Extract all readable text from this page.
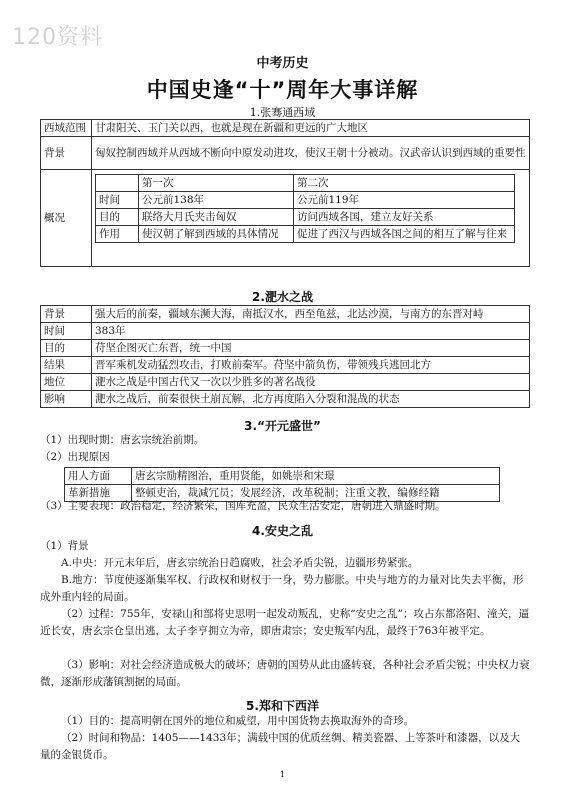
120资料
中考历史
中国史逢“十”周年大事详解
1.张骞通西域
西域范围	甘肃阳关、玉门关以西，也就是现在新疆和更远的广大地区
背景	匈奴控制西域并从西域不断向中原发动进攻，使汉王朝十分被动。汉武帝认识到西域的重要性
概况	
	第一次	第二次
时间	公元前138年	公元前119年
目的	联络大月氏夹击匈奴	访问西域各国，建立友好关系
作用	使汉朝了解到西域的具体情况	促进了西汉与西域各国之间的相互了解与往来
2.淝水之战
背景	强大后的前秦，疆域东濒大海，南抵汉水，西至龟兹，北达沙漠，与南方的东晋对峙
时间	383年
目的	苻坚企图灭亡东晋，统一中国
结果	晋军乘机发动猛烈攻击，打败前秦军。苻坚中箭负伤，带领残兵逃回北方
地位	淝水之战是中国古代又一次以少胜多的著名战役
影响	淝水之战后，前秦很快土崩瓦解，北方再度陷入分裂和混战的状态
3.“开元盛世”
（1）出现时期：唐玄宗统治前期。
（2）出现原因
用人方面	唐玄宗励精图治，重用贤能，如姚崇和宋璟
革新措施	整顿吏治，裁减冗员；发展经济，改革税制；注重文教，编修经籍
（3）主要表现：政治稳定，经济繁荣，国库充盈，民众生活安定，唐朝进入鼎盛时期。
4.安史之乱
（1）背景
A.中央：开元末年后，唐玄宗统治日趋腐败，社会矛盾尖锐，边疆形势紧张。
B.地方：节度使逐渐集军权、行政权和财权于一身，势力膨胀。中央与地方的力量对比失去平衡，形成外重内轻的局面。
（2）过程：755年，安禄山和部将史思明一起发动叛乱，史称“安史之乱”；攻占东都洛阳、潼关，逼近长安，唐玄宗仓皇出逃，太子李亨拥立为帝，即唐肃宗；安史叛军内乱，最终于763年被平定。
（3）影响：对社会经济造成极大的破坏；唐朝的国势从此由盛转衰，各种社会矛盾尖锐；中央权力衰微，逐渐形成藩镇割据的局面。
5.郑和下西洋
（1）目的：提高明朝在国外的地位和威望，用中国货物去换取海外的奇珍。
（2）时间和物品：1405——1433年；满载中国的优质丝绸、精美瓷器、上等茶叶和漆器，以及大量的金银货币。
1
